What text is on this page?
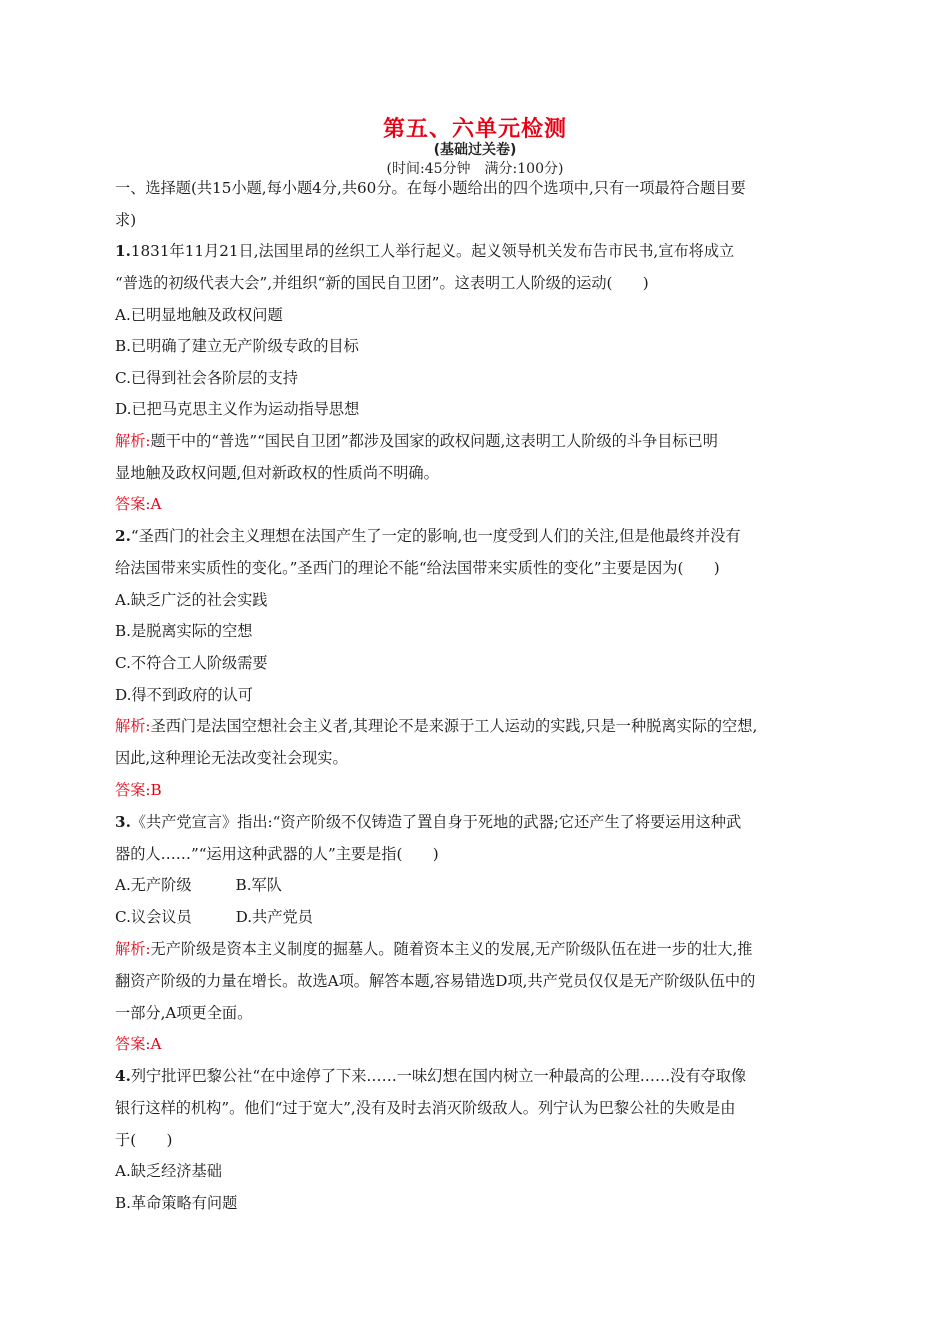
第五、六单元检测
(基础过关卷)
(时间:45分钟　满分:100分)
一、选择题(共15小题,每小题4分,共60分。在每小题给出的四个选项中,只有一项最符合题目要
求)
1.1831年11月21日,法国里昂的丝织工人举行起义。起义领导机关发布告市民书,宣布将成立
“普选的初级代表大会”,并组织“新的国民自卫团”。这表明工人阶级的运动(　　)
A.已明显地触及政权问题
B.已明确了建立无产阶级专政的目标
C.已得到社会各阶层的支持
D.已把马克思主义作为运动指导思想
解析:题干中的“普选”“国民自卫团”都涉及国家的政权问题,这表明工人阶级的斗争目标已明
显地触及政权问题,但对新政权的性质尚不明确。
答案:A
2.“圣西门的社会主义理想在法国产生了一定的影响,也一度受到人们的关注,但是他最终并没有
给法国带来实质性的变化。”圣西门的理论不能“给法国带来实质性的变化”主要是因为(　　)
A.缺乏广泛的社会实践
B.是脱离实际的空想
C.不符合工人阶级需要
D.得不到政府的认可
解析:圣西门是法国空想社会主义者,其理论不是来源于工人运动的实践,只是一种脱离实际的空想,
因此,这种理论无法改变社会现实。
答案:B
3.《共产党宣言》指出:“资产阶级不仅铸造了置自身于死地的武器;它还产生了将要运用这种武
器的人……”“运用这种武器的人”主要是指(　　)
A.无产阶级	B.军队
C.议会议员	D.共产党员
解析:无产阶级是资本主义制度的掘墓人。随着资本主义的发展,无产阶级队伍在进一步的壮大,推
翻资产阶级的力量在增长。故选A项。解答本题,容易错选D项,共产党员仅仅是无产阶级队伍中的
一部分,A项更全面。
答案:A
4.列宁批评巴黎公社“在中途停了下来……一味幻想在国内树立一种最高的公理……没有夺取像
银行这样的机构”。他们“过于宽大”,没有及时去消灭阶级敌人。列宁认为巴黎公社的失败是由
于(　　)
A.缺乏经济基础
B.革命策略有问题
